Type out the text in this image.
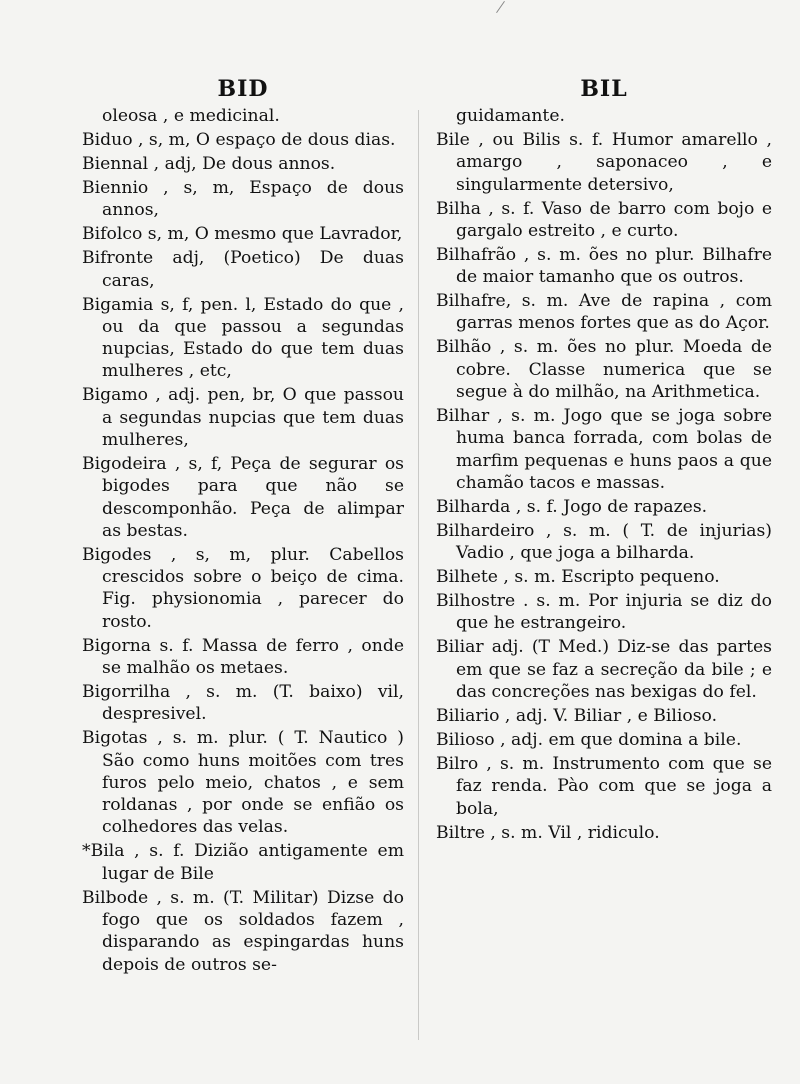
BID
oleosa , e medicinal.
Biduo , s, m, O espaço de dous dias.
Biennal , adj, De dous annos.
Biennio , s, m, Espaço de dous annos,
Bifolco s, m, O mesmo que Lavrador,
Bifronte adj, (Poetico) De duas caras,
Bigamia s, f, pen. l, Estado do que , ou da que passou a segundas nupcias, Estado do que tem duas mulheres , etc,
Bigamo , adj. pen, br, O que passou a segundas nupcias que tem duas mulheres,
Bigodeira , s, f, Peça de segurar os bigodes para que não se descomponhão. Peça de alimpar as bestas.
Bigodes , s, m, plur. Cabellos crescidos sobre o beiço de cima. Fig. physionomia , parecer do rosto.
Bigorna s. f. Massa de ferro , onde se malhão os metaes.
Bigorrilha , s. m. (T. baixo) vil, despresivel.
Bigotas , s. m. plur. ( T. Nautico ) São como huns moitões com tres furos pelo meio, chatos , e sem roldanas , por onde se enfião os colhedores das velas.
*Bila , s. f. Dizião antigamente em lugar de Bile
Bilbode , s. m. (T. Militar) Dizse do fogo que os soldados fazem , disparando as espingardas huns depois de outros se-
BIL
guidamante.
Bile , ou Bilis s. f. Humor amarello , amargo , saponaceo , e singularmente detersivo,
Bilha , s. f. Vaso de barro com bojo e gargalo estreito , e curto.
Bilhafrão , s. m. ões no plur. Bilhafre de maior tamanho que os outros.
Bilhafre, s. m. Ave de rapina , com garras menos fortes que as do Açor.
Bilhão , s. m. ões no plur. Moeda de cobre. Classe numerica que se segue à do milhão, na Arithmetica.
Bilhar , s. m. Jogo que se joga sobre huma banca forrada, com bolas de marfim pequenas e huns paos a que chamão tacos e massas.
Bilharda , s. f. Jogo de rapazes.
Bilhardeiro , s. m. ( T. de injurias) Vadio , que joga a bilharda.
Bilhete , s. m. Escripto pequeno.
Bilhostre . s. m. Por injuria se diz do que he estrangeiro.
Biliar adj. (T Med.) Diz-se das partes em que se faz a secreção da bile ; e das concreções nas bexigas do fel.
Biliario , adj. V. Biliar , e Bilioso.
Bilioso , adj. em que domina a bile.
Bilro , s. m. Instrumento com que se faz renda. Pào com que se joga a bola,
Biltre , s. m. Vil , ridiculo.
